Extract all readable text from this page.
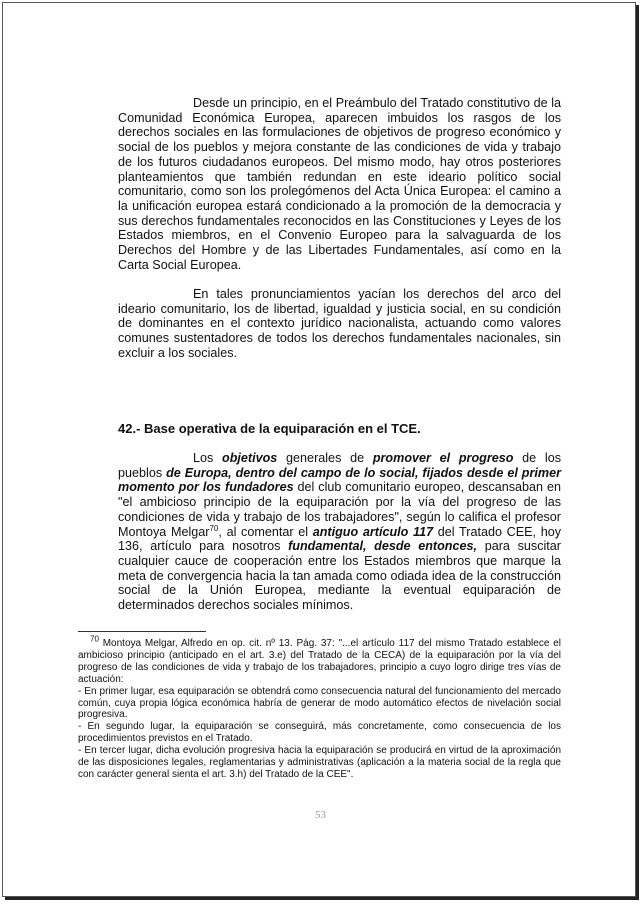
Desde un principio, en el Preámbulo del Tratado constitutivo de la Comunidad Económica Europea, aparecen imbuidos los rasgos de los derechos sociales en las formulaciones de objetivos de progreso económico y social de los pueblos y mejora constante de las condiciones de vida y trabajo de los futuros ciudadanos europeos. Del mismo modo, hay otros posteriores planteamientos que también redundan en este ideario político social comunitario, como son los prolegómenos del Acta Única Europea: el camino a la unificación europea estará condicionado a la promoción de la democracia y sus derechos fundamentales reconocidos en las Constituciones y Leyes de los Estados miembros, en el Convenio Europeo para la salvaguarda de los Derechos del Hombre y de las Libertades Fundamentales, así como en la Carta Social Europea.

En tales pronunciamientos yacían los derechos del arco del ideario comunitario, los de libertad, igualdad y justicia social, en su condición de dominantes en el contexto jurídico nacionalista, actuando como valores comunes sustentadores de todos los derechos fundamentales nacionales, sin excluir a los sociales.

42.- Base operativa de la equiparación en el TCE.

Los objetivos generales de promover el progreso de los pueblos de Europa, dentro del campo de lo social, fijados desde el primer momento por los fundadores del club comunitario europeo, descansaban en "el ambicioso principio de la equiparación por la vía del progreso de las condiciones de vida y trabajo de los trabajadores", según lo califica el profesor Montoya Melgar$^{70}$, al comentar el antiguo artículo 117 del Tratado CEE, hoy 136, artículo para nosotros fundamental, desde entonces, para suscitar cualquier cauce de cooperación entre los Estados miembros que marque la meta de convergencia hacia la tan amada como odiada idea de la construcción social de la Unión Europea, mediante la eventual equiparación de determinados derechos sociales mínimos.

$^{70}$ Montoya Melgar, Alfredo en op. cit. nº 13. Pág. 37: "...el artículo 117 del mismo Tratado establece el ambicioso principio (anticipado en el art. 3.e) del Tratado de la CECA) de la equiparación por la vía del progreso de las condiciones de vida y trabajo de los trabajadores, principio a cuyo logro dirige tres vías de actuación:
- En primer lugar, esa equiparación se obtendrá como consecuencia natural del funcionamiento del mercado común, cuya propia lógica económica habría de generar de modo automático efectos de nivelación social progresiva.
- En segundo lugar, la equiparación se conseguirá, más concretamente, como consecuencia de los procedimientos previstos en el Tratado.
- En tercer lugar, dicha evolución progresiva hacia la equiparación se producirá en virtud de la aproximación de las disposiciones legales, reglamentarias y administrativas (aplicación a la materia social de la regla que con carácter general sienta el art. 3.h) del Tratado de la CEE".
53
